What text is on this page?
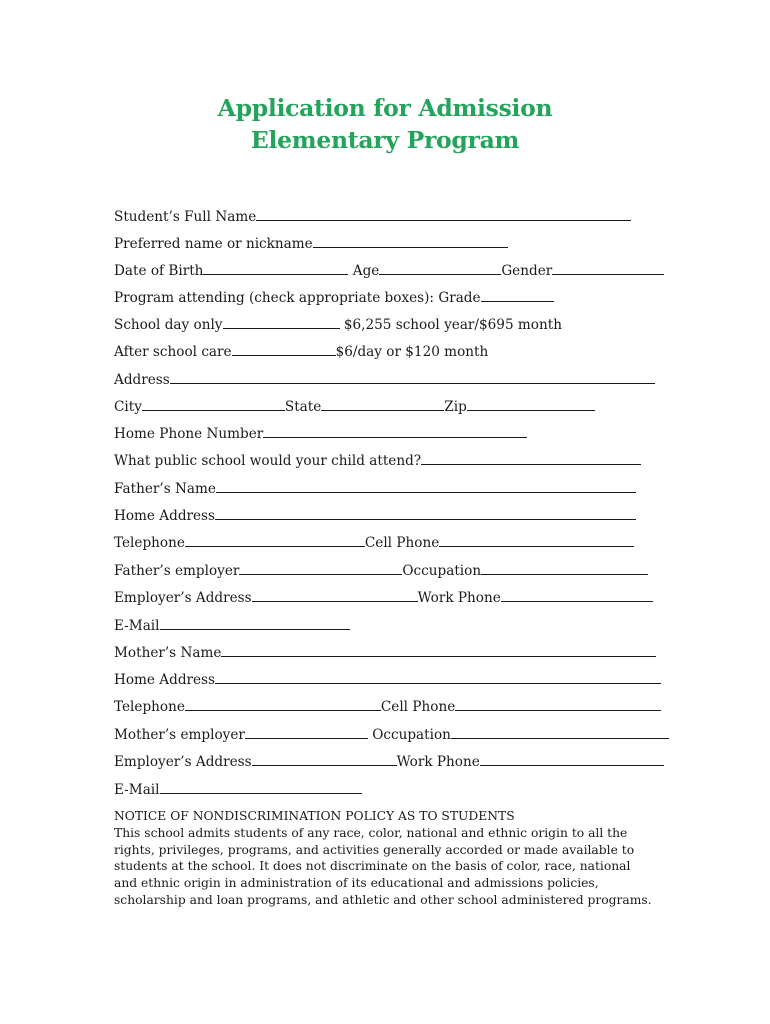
Application for Admission
Elementary Program
Student’s Full Name
Preferred name or nickname
Date of Birth	Age	Gender
Program attending (check appropriate boxes): Grade
School day only	$6,255 school year/$695 month
After school care	$6/day or $120 month
Address
City	State	Zip
Home Phone Number
What public school would your child attend?
Father’s Name
Home Address
Telephone	Cell Phone
Father’s employer	Occupation
Employer’s Address	Work Phone
E-Mail
Mother’s Name
Home Address
Telephone	Cell Phone
Mother’s employer	Occupation
Employer’s Address	Work Phone
E-Mail

NOTICE OF NONDISCRIMINATION POLICY AS TO STUDENTS
This school admits students of any race, color, national and ethnic origin to all the rights, privileges, programs, and activities generally accorded or made available to students at the school. It does not discriminate on the basis of color, race, national and ethnic origin in administration of its educational and admissions policies, scholarship and loan programs, and athletic and other school administered programs.
